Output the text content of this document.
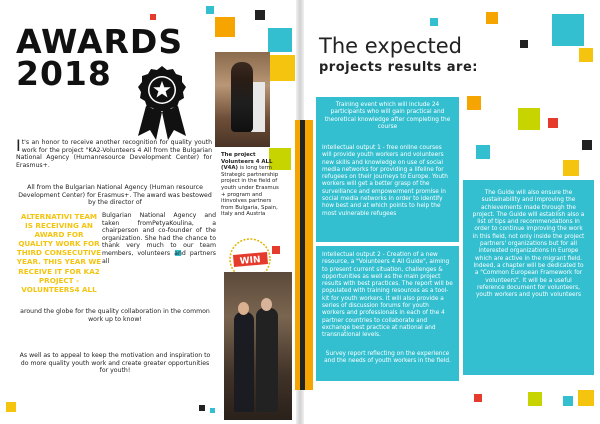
AWARDS
2018
It's an honor to receive another recognition for quality youth work for the project "KA2-Volunteers 4 All from the Bulgarian National Agency (Humanresource Development Center) for Erasmus+.
All from the Bulgarian National Agency (Human resource Development Center) for Erasmus+. The award was bestowed by the director of
ALTERNATIVI TEAM IS RECEIVING AN AWARD FOR QUALITY WORK FOR THIRD CONSECUTIVE YEAR. THIS YEAR WE RECEIVE IT FOR KA2 PROJECT - VOLUNTEERS4 ALL
Bulgarian National Agency and taken fromPetyaKoulina, a chairperson and co-founder of the organization. She had the chance to thank very much to our team members, volunteers and partners all
around the globe for the quality collaboration in the common work up to know!
As well as to appeal to keep the motivation and inspiration to do more quality youth work and create greater opportunities for youth!
The project Volunteers 4 ALL (V4A) is long term Strategic partnership project in the field of youth under Erasmus + program and itinvolves partners from Bulgaria, Spain, Italy and Austria
WIN
The expected
projects results are:
Training event which will include 24 participants who will gain practical and theoretical knowledge after completing the course
Intellectual output 1 - free online courses will provide youth workers and volunteers new skills and knowledge on use of social media networks for providing a lifeline for refugees on their journeys to Europe. Youth workers will get a better grasp of the surveillance and empowerment promise in social media networks in order to identify how best and at which points to help the most vulnerable refugees
Intellectual output 2 - Creation of a new resource, a "Volunteers 4 All Guide", aiming to present current situation, challenges & opportunities as well as the main project results with best practices. The report will be populated with training resources as a tool-kit for youth workers. It will also provide a series of discussion forums for youth workers and professionals in each of the 4 partner countries to collaborate and exchange best practice at national and transnational levels.
Survey report reflecting on the experience and the needs of youth workers in the field.
The Guide will also ensure the sustainability and improving the achievements made through the project. The Guide will establish also a list of tips and recommendations in order to continue improving the work in this field, not only inside the project partners' organizations but for all interested organizations in Europe which are active in the migrant field. Indeed, a chapter will be dedicated to a "Common European Framework for volunteers". It will be a useful reference document for volunteers, youth workers and youth volunteers
